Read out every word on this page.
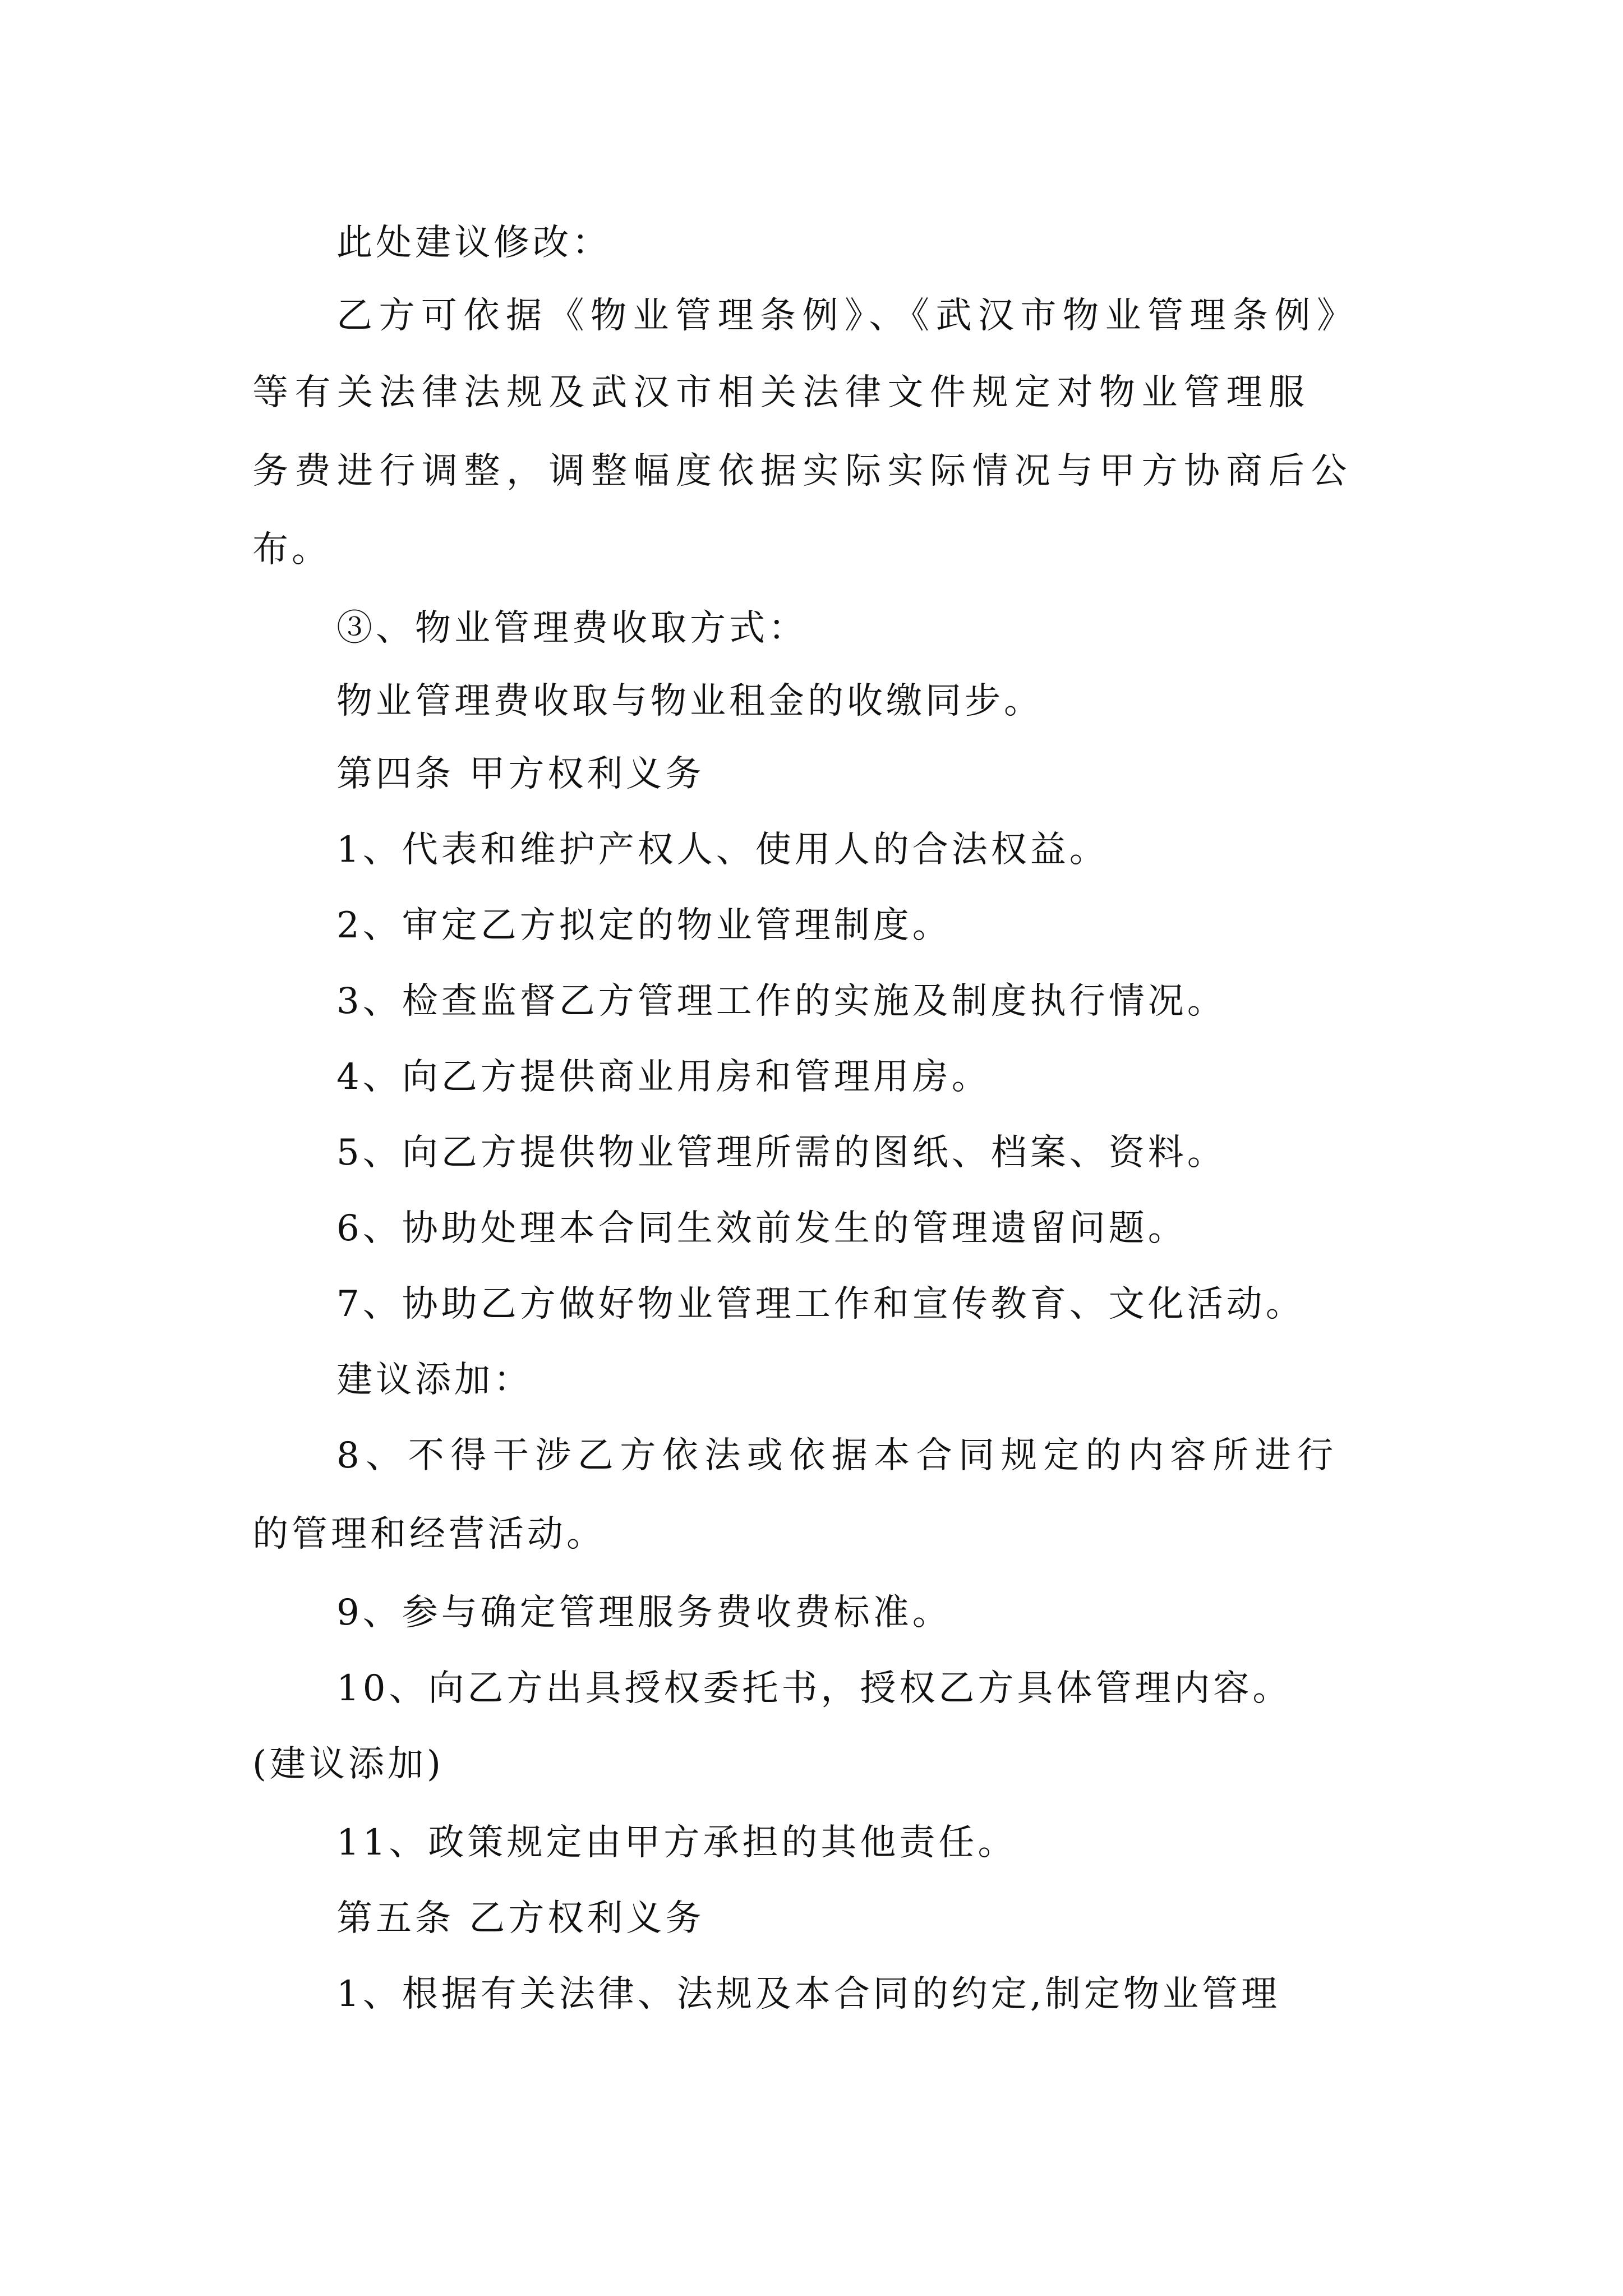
此处建议修改：
乙方可依据《物业管理条例》、《武汉市物业管理条例》
等有关法律法规及武汉市相关法律文件规定对物业管理服
务费进行调整，调整幅度依据实际实际情况与甲方协商后公
布。
③、物业管理费收取方式：
物业管理费收取与物业租金的收缴同步。
第四条 甲方权利义务
1、代表和维护产权人、使用人的合法权益。
2、审定乙方拟定的物业管理制度。
3、检查监督乙方管理工作的实施及制度执行情况。
4、向乙方提供商业用房和管理用房。
5、向乙方提供物业管理所需的图纸、档案、资料。
6、协助处理本合同生效前发生的管理遗留问题。
7、协助乙方做好物业管理工作和宣传教育、文化活动。
建议添加：
8、不得干涉乙方依法或依据本合同规定的内容所进行
的管理和经营活动。
9、参与确定管理服务费收费标准。
10、向乙方出具授权委托书，授权乙方具体管理内容。
(建议添加)
11、政策规定由甲方承担的其他责任。
第五条 乙方权利义务
1、根据有关法律、法规及本合同的约定,制定物业管理
